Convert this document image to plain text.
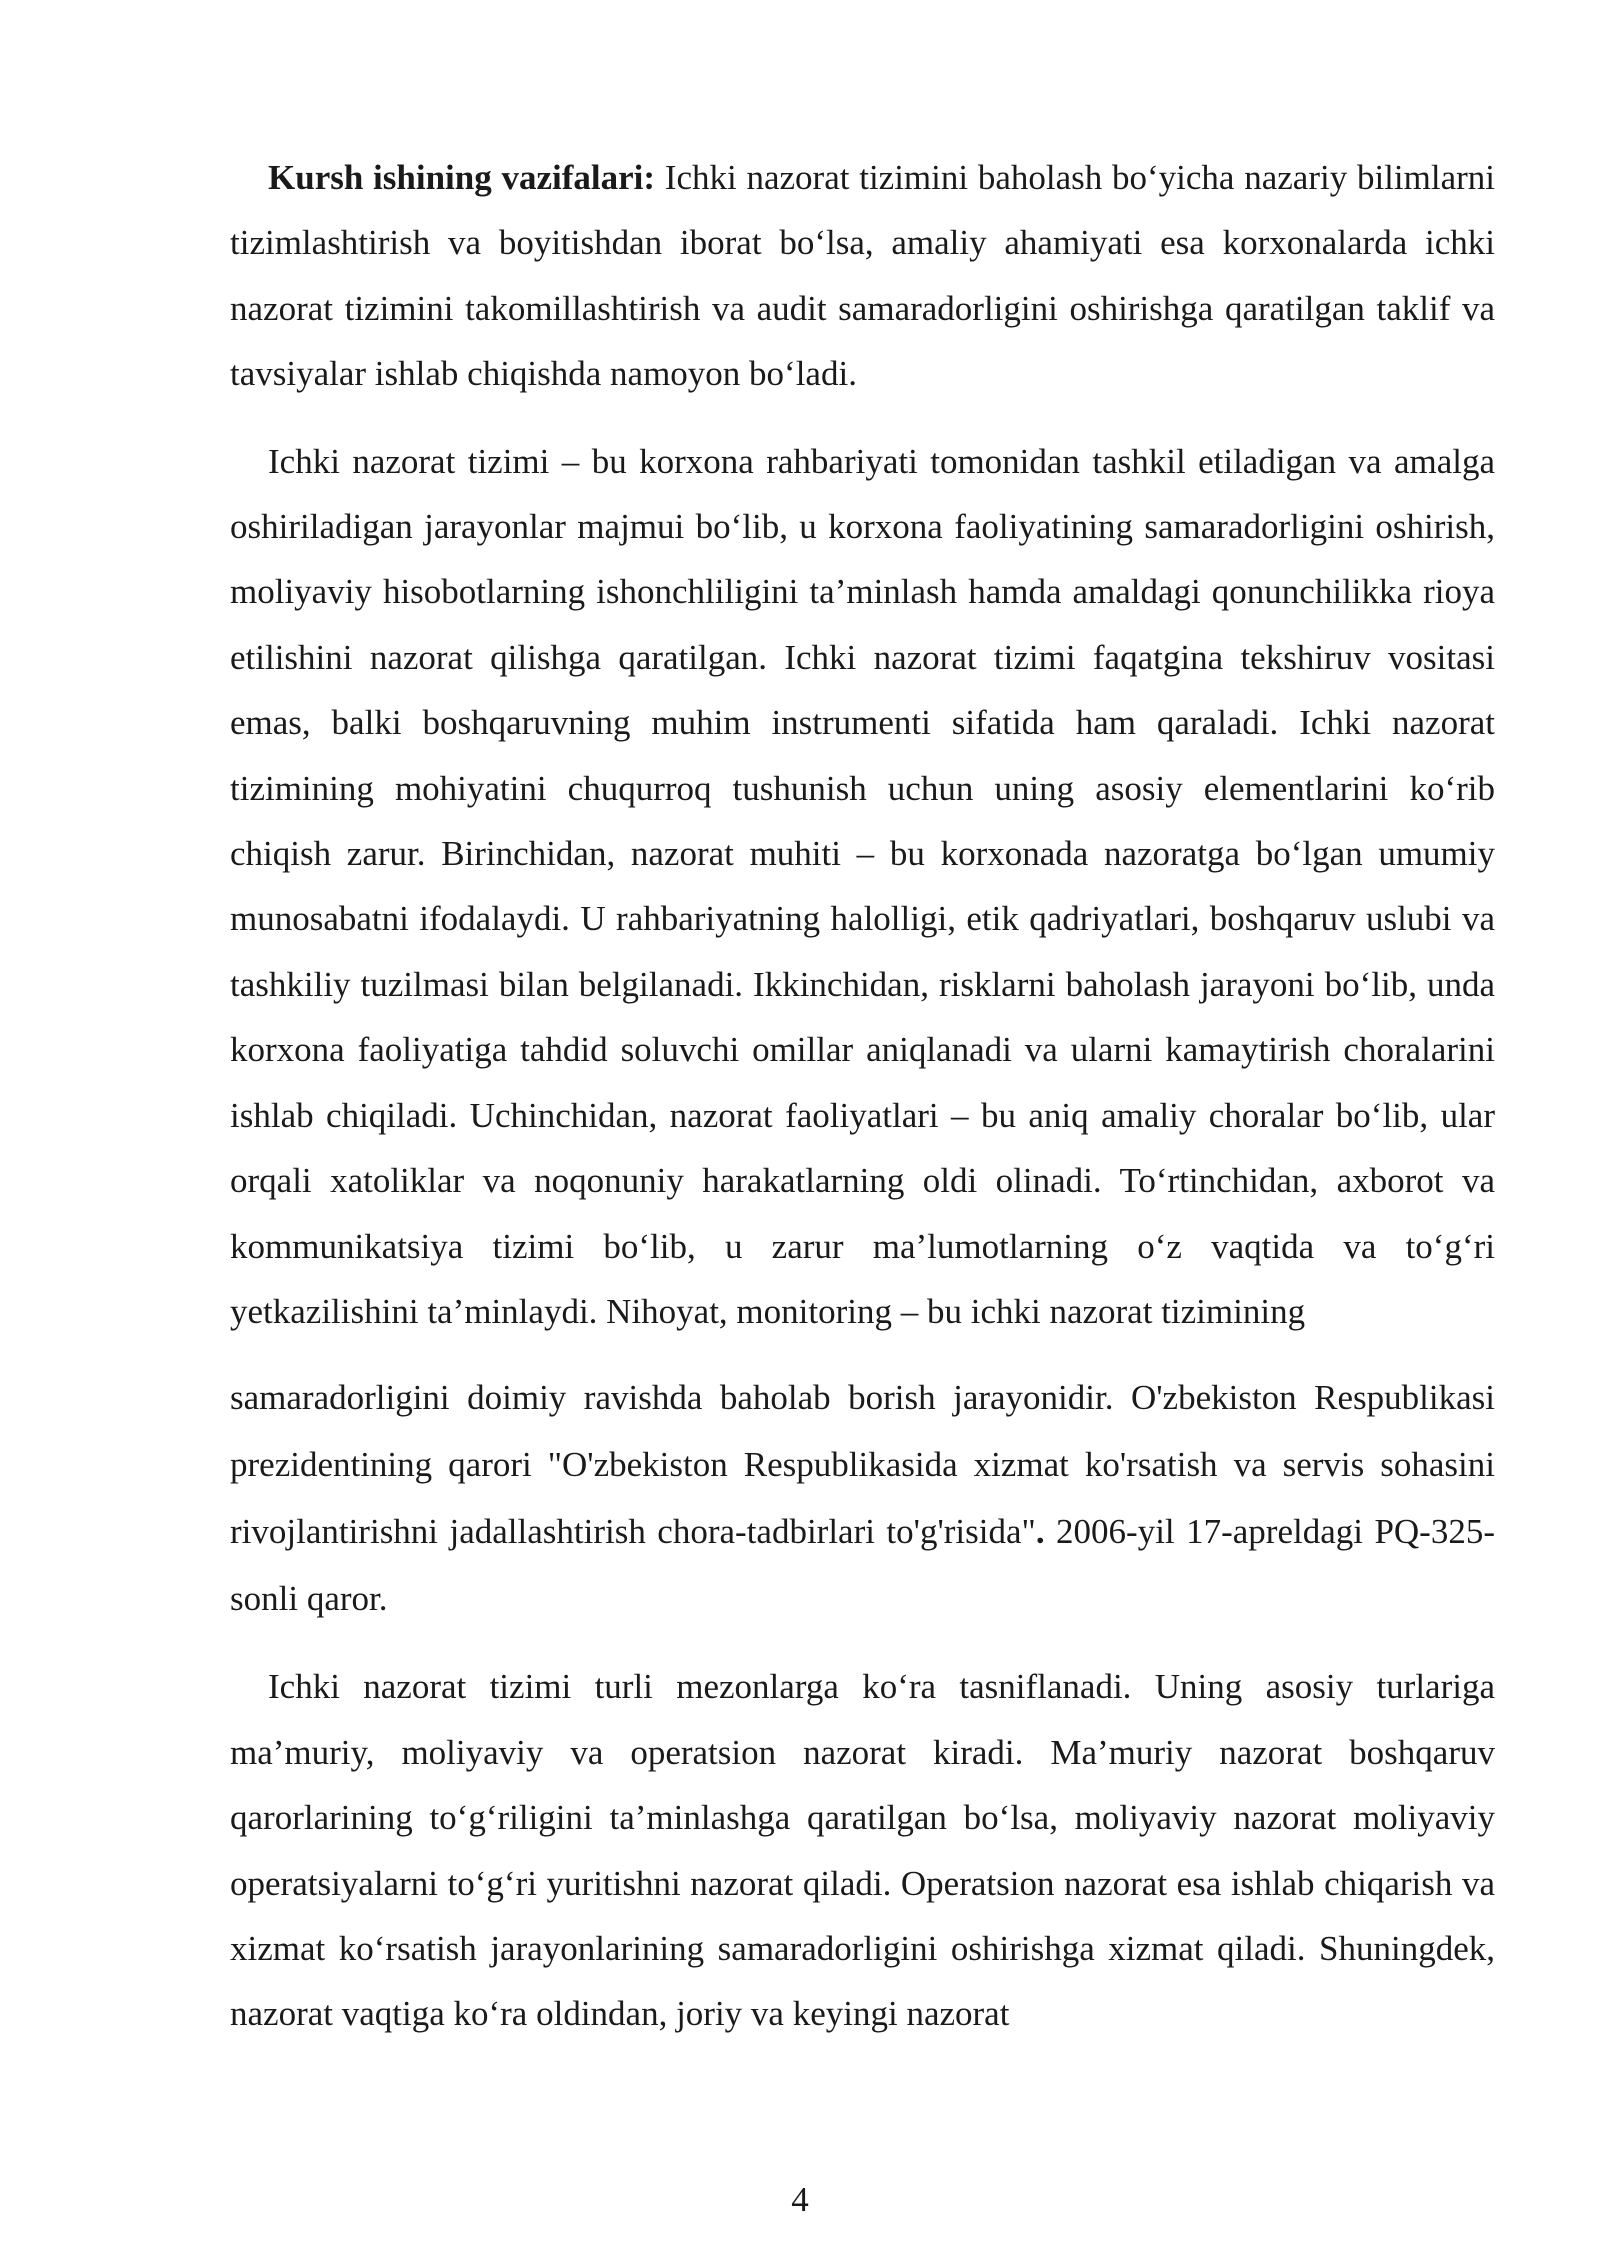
Kursh ishining vazifalari: Ichki nazorat tizimini baholash bo‘yicha nazariy bilimlarni tizimlashtirish va boyitishdan iborat bo‘lsa, amaliy ahamiyati esa korxonalarda ichki nazorat tizimini takomillashtirish va audit samaradorligini oshirishga qaratilgan taklif va tavsiyalar ishlab chiqishda namoyon bo‘ladi.

Ichki nazorat tizimi – bu korxona rahbariyati tomonidan tashkil etiladigan va amalga oshiriladigan jarayonlar majmui bo‘lib, u korxona faoliyatining samaradorligini oshirish, moliyaviy hisobotlarning ishonchliligini ta’minlash hamda amaldagi qonunchilikka rioya etilishini nazorat qilishga qaratilgan. Ichki nazorat tizimi faqatgina tekshiruv vositasi emas, balki boshqaruvning muhim instrumenti sifatida ham qaraladi. Ichki nazorat tizimining mohiyatini chuqurroq tushunish uchun uning asosiy elementlarini ko‘rib chiqish zarur. Birinchidan, nazorat muhiti – bu korxonada nazoratga bo‘lgan umumiy munosabatni ifodalaydi. U rahbariyatning halolligi, etik qadriyatlari, boshqaruv uslubi va tashkiliy tuzilmasi bilan belgilanadi. Ikkinchidan, risklarni baholash jarayoni bo‘lib, unda korxona faoliyatiga tahdid soluvchi omillar aniqlanadi va ularni kamaytirish choralarini ishlab chiqiladi. Uchinchidan, nazorat faoliyatlari – bu aniq amaliy choralar bo‘lib, ular orqali xatoliklar va noqonuniy harakatlarning oldi olinadi. To‘rtinchidan, axborot va kommunikatsiya tizimi bo‘lib, u zarur ma’lumotlarning o‘z vaqtida va to‘g‘ri yetkazilishini ta’minlaydi. Nihoyat, monitoring – bu ichki nazorat tizimining

samaradorligini doimiy ravishda baholab borish jarayonidir. O'zbekiston Respublikasi prezidentining qarori "O'zbekiston Respublikasida xizmat ko'rsatish va servis sohasini rivojlantirishni jadallashtirish chora-tadbirlari to'g'risida". 2006-yil 17-apreldagi PQ-325-sonli qaror.

Ichki nazorat tizimi turli mezonlarga ko‘ra tasniflanadi. Uning asosiy turlariga ma’muriy, moliyaviy va operatsion nazorat kiradi. Ma’muriy nazorat boshqaruv qarorlarining to‘g‘riligini ta’minlashga qaratilgan bo‘lsa, moliyaviy nazorat moliyaviy operatsiyalarni to‘g‘ri yuritishni nazorat qiladi. Operatsion nazorat esa ishlab chiqarish va xizmat ko‘rsatish jarayonlarining samaradorligini oshirishga xizmat qiladi. Shuningdek, nazorat vaqtiga ko‘ra oldindan, joriy va keyingi nazorat

4
